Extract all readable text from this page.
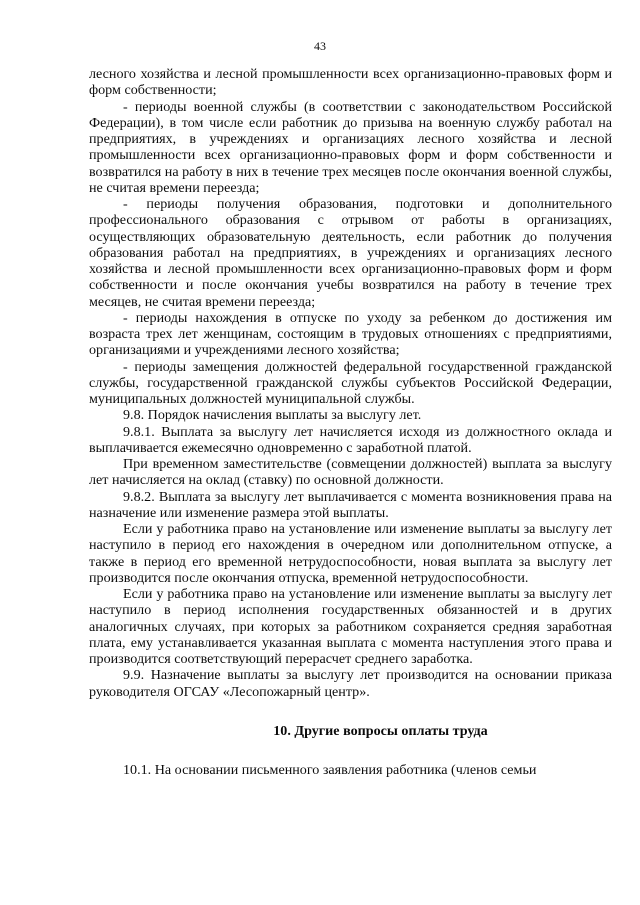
43

лесного хозяйства и лесной промышленности всех организационно-правовых форм и форм собственности;

- периоды военной службы (в соответствии с законодательством Российской Федерации), в том числе если работник до призыва на военную службу работал на предприятиях, в учреждениях и организациях лесного хозяйства и лесной промышленности всех организационно-правовых форм и форм собственности и возвратился на работу в них в течение трех месяцев после окончания военной службы, не считая времени переезда;

- периоды получения образования, подготовки и дополнительного профессионального образования с отрывом от работы в организациях, осуществляющих образовательную деятельность, если работник до получения образования работал на предприятиях, в учреждениях и организациях лесного хозяйства и лесной промышленности всех организационно-правовых форм и форм собственности и после окончания учебы возвратился на работу в течение трех месяцев, не считая времени переезда;

- периоды нахождения в отпуске по уходу за ребенком до достижения им возраста трех лет женщинам, состоящим в трудовых отношениях с предприятиями, организациями и учреждениями лесного хозяйства;

- периоды замещения должностей федеральной государственной гражданской службы, государственной гражданской службы субъектов Российской Федерации, муниципальных должностей муниципальной службы.

9.8. Порядок начисления выплаты за выслугу лет.

9.8.1. Выплата за выслугу лет начисляется исходя из должностного оклада и выплачивается ежемесячно одновременно с заработной платой.

При временном заместительстве (совмещении должностей) выплата за выслугу лет начисляется на оклад (ставку) по основной должности.

9.8.2. Выплата за выслугу лет выплачивается с момента возникновения права на назначение или изменение размера этой выплаты.

Если у работника право на установление или изменение выплаты за выслугу лет наступило в период его нахождения в очередном или дополнительном отпуске, а также в период его временной нетрудоспособности, новая выплата за выслугу лет производится после окончания отпуска, временной нетрудоспособности.

Если у работника право на установление или изменение выплаты за выслугу лет наступило в период исполнения государственных обязанностей и в других аналогичных случаях, при которых за работником сохраняется средняя заработная плата, ему устанавливается указанная выплата с момента наступления этого права и производится соответствующий перерасчет среднего заработка.

9.9. Назначение выплаты за выслугу лет производится на основании приказа руководителя ОГСАУ «Лесопожарный центр».

10. Другие вопросы оплаты труда

10.1. На основании письменного заявления работника (членов семьи
